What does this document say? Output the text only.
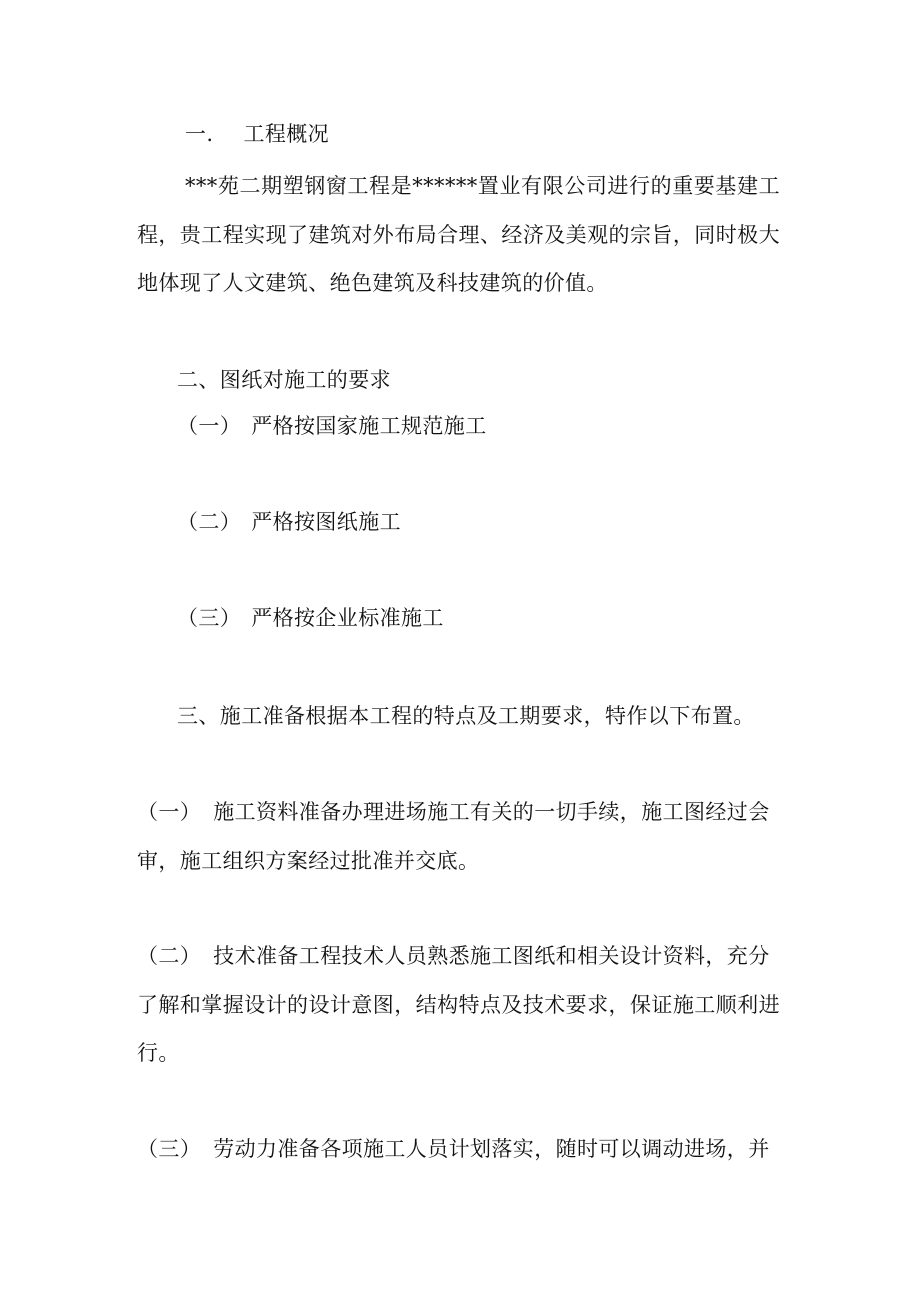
一. 工程概况
***苑二期塑钢窗工程是******置业有限公司进行的重要基建工
程，贵工程实现了建筑对外布局合理、经济及美观的宗旨，同时极大
地体现了人文建筑、绝色建筑及科技建筑的价值。
二、图纸对施工的要求
（一） 严格按国家施工规范施工
（二） 严格按图纸施工
（三） 严格按企业标准施工
三、施工准备根据本工程的特点及工期要求，特作以下布置。
（一） 施工资料准备办理进场施工有关的一切手续，施工图经过会
审，施工组织方案经过批准并交底。
（二） 技术准备工程技术人员熟悉施工图纸和相关设计资料，充分
了解和掌握设计的设计意图，结构特点及技术要求，保证施工顺利进
行。
（三） 劳动力准备各项施工人员计划落实，随时可以调动进场，并
